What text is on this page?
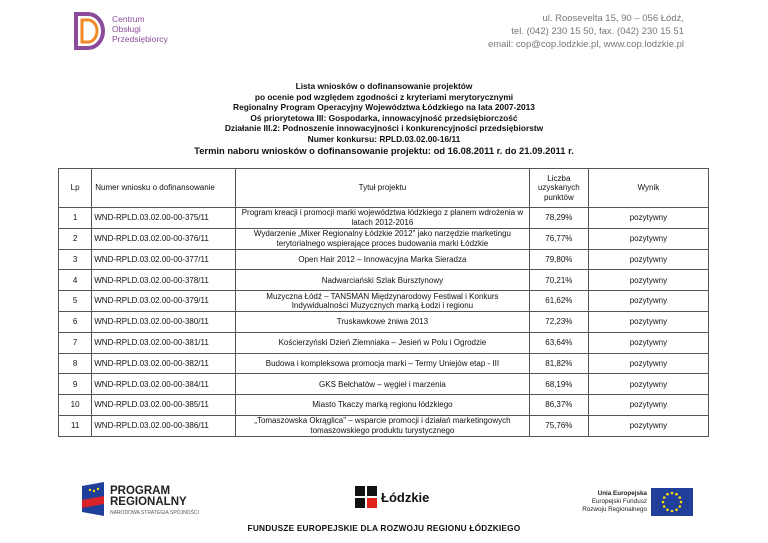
Centrum
Obsługi
Przedsiębiorcy
ul. Roosevelta 15, 90 – 056 Łódź,
tel. (042) 230 15 50, fax. (042) 230 15 51
email: cop@cop.lodzkie.pl, www.cop.lodzkie.pl
Lista wniosków o dofinansowanie projektów
po ocenie pod względem zgodności z kryteriami merytorycznymi
Regionalny Program Operacyjny Województwa Łódzkiego na lata 2007-2013
Oś priorytetowa III: Gospodarka, innowacyjność przedsiębiorczość
Działanie III.2: Podnoszenie innowacyjności i konkurencyjności przedsiębiorstw
Numer konkursu: RPLD.03.02.00-16/11
Termin naboru wniosków o dofinansowanie projektu: od 16.08.2011 r. do 21.09.2011 r.
Lp	Numer wniosku o dofinansowanie	Tytuł projektu	Liczba uzyskanych punktów	Wynik
1	WND-RPLD.03.02.00-00-375/11	Program kreacji i promocji marki województwa łódzkiego z planem wdrożenia w latach 2012-2016	78,29%	pozytywny
2	WND-RPLD.03.02.00-00-376/11	Wydarzenie „Mixer Regionalny Łódzkie 2012" jako narzędzie marketingu terytorialnego wspierające proces budowania marki Łódzkie	76,77%	pozytywny
3	WND-RPLD.03.02.00-00-377/11	Open Hair 2012 – Innowacyjna Marka Sieradza	79,80%	pozytywny
4	WND-RPLD.03.02.00-00-378/11	Nadwarciański Szlak Bursztynowy	70,21%	pozytywny
5	WND-RPLD.03.02.00-00-379/11	Muzyczna Łódź – TANSMAN Międzynarodowy Festiwal i Konkurs Indywidualności Muzycznych marką Łodzi i regionu	61,62%	pozytywny
6	WND-RPLD.03.02.00-00-380/11	Truskawkowe żniwa 2013	72,23%	pozytywny
7	WND-RPLD.03.02.00-00-381/11	Kościerzyński Dzień Ziemniaka – Jesień w Polu i Ogrodzie	63,64%	pozytywny
8	WND-RPLD.03.02.00-00-382/11	Budowa i kompleksowa promocja marki – Termy Uniejów etap - III	81,82%	pozytywny
9	WND-RPLD.03.02.00-00-384/11	GKS Bełchatów – węgiel i marzenia	68,19%	pozytywny
10	WND-RPLD.03.02.00-00-385/11	Miasto Tkaczy marką regionu łódzkiego	86,37%	pozytywny
11	WND-RPLD.03.02.00-00-386/11	„Tomaszowska Okrąglica" – wsparcie promocji i działań marketingowych tomaszowskiego produktu turystycznego	75,76%	pozytywny
PROGRAM
REGIONALNY
NARODOWA STRATEGIA SPÓJNOŚCI
Łódzkie	Unia Europejska
Europejski Fundusz
Rozwoju Regionalnego
FUNDUSZE EUROPEJSKIE DLA ROZWOJU REGIONU ŁÓDZKIEGO
